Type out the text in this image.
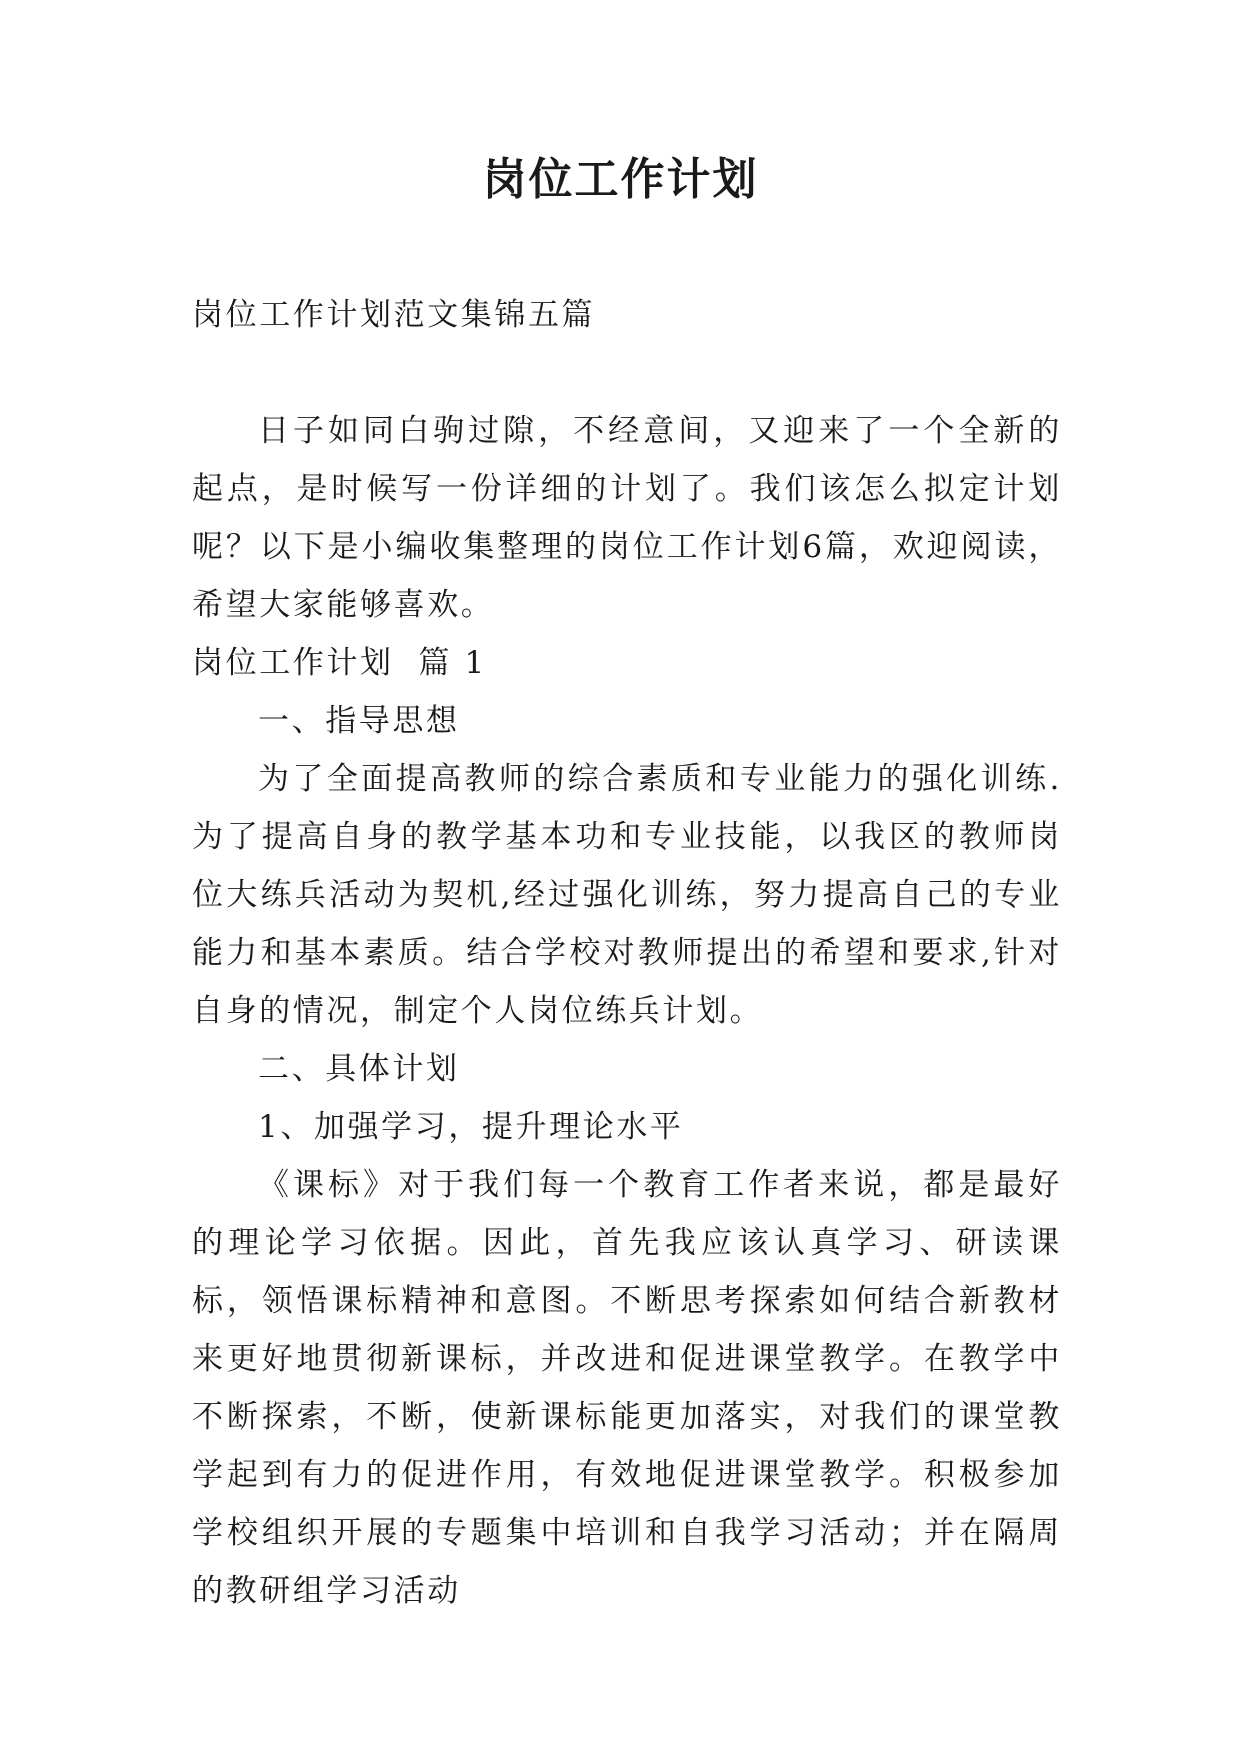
岗位工作计划

岗位工作计划范文集锦五篇

日子如同白驹过隙，不经意间，又迎来了一个全新的起点，是时候写一份详细的计划了。我们该怎么拟定计划呢？以下是小编收集整理的岗位工作计划6篇，欢迎阅读，希望大家能够喜欢。

岗位工作计划  篇 1

一、指导思想

为了全面提高教师的综合素质和专业能力的强化训练.为了提高自身的教学基本功和专业技能，以我区的教师岗位大练兵活动为契机,经过强化训练，努力提高自己的专业能力和基本素质。结合学校对教师提出的希望和要求,针对自身的情况，制定个人岗位练兵计划。

二、具体计划

1、加强学习，提升理论水平

《课标》对于我们每一个教育工作者来说，都是最好的理论学习依据。因此，首先我应该认真学习、研读课标，领悟课标精神和意图。不断思考探索如何结合新教材来更好地贯彻新课标，并改进和促进课堂教学。在教学中不断探索，不断，使新课标能更加落实，对我们的课堂教学起到有力的促进作用，有效地促进课堂教学。积极参加学校组织开展的专题集中培训和自我学习活动；并在隔周的教研组学习活动
